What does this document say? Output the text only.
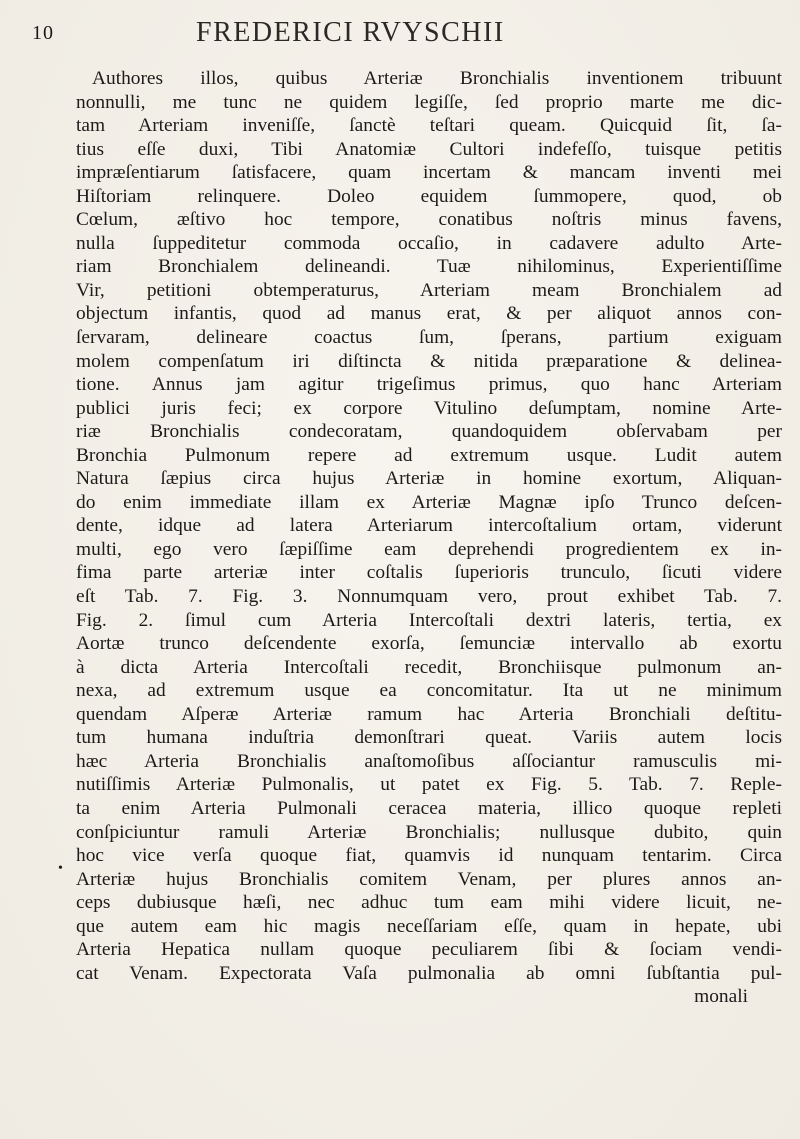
10	FREDERICI RVYSCHII
Authores illos, quibus Arteriæ Bronchialis inventionem tribuunt
nonnulli, me tunc ne quidem legiſſe, ſed proprio marte me dic-
tam Arteriam inveniſſe, ſanctè teſtari queam. Quicquid ſit, ſa-
tius eſſe duxi, Tibi Anatomiæ Cultori indefeſſo, tuisque petitis
impræſentiarum ſatisfacere, quam incertam & mancam inventi mei
Hiſtoriam relinquere. Doleo equidem ſummopere, quod, ob
Cœlum, æſtivo hoc tempore, conatibus noſtris minus favens,
nulla ſuppeditetur commoda occaſio, in cadavere adulto Arte-
riam Bronchialem delineandi. Tuæ nihilominus, Experientiſſime
Vir, petitioni obtemperaturus, Arteriam meam Bronchialem ad
objectum infantis, quod ad manus erat, & per aliquot annos con-
ſervaram, delineare coactus ſum, ſperans, partium exiguam
molem compenſatum iri diſtincta & nitida præparatione & delinea-
tione. Annus jam agitur trigeſimus primus, quo hanc Arteriam
publici juris feci; ex corpore Vitulino deſumptam, nomine Arte-
riæ Bronchialis condecoratam, quandoquidem obſervabam per
Bronchia Pulmonum repere ad extremum usque. Ludit autem
Natura ſæpius circa hujus Arteriæ in homine exortum, Aliquan-
do enim immediate illam ex Arteriæ Magnæ ipſo Trunco deſcen-
dente, idque ad latera Arteriarum intercoſtalium ortam, viderunt
multi, ego vero ſæpiſſime eam deprehendi progredientem ex in-
fima parte arteriæ inter coſtalis ſuperioris trunculo, ſicuti videre
eſt Tab. 7. Fig. 3. Nonnumquam vero, prout exhibet Tab. 7.
Fig. 2. ſimul cum Arteria Intercoſtali dextri lateris, tertia, ex
Aortæ trunco deſcendente exorſa, ſemunciæ intervallo ab exortu
à dicta Arteria Intercoſtali recedit, Bronchiisque pulmonum an-
nexa, ad extremum usque ea concomitatur. Ita ut ne minimum
quendam Aſperæ Arteriæ ramum hac Arteria Bronchiali deſtitu-
tum humana induſtria demonſtrari queat. Variis autem locis
hæc Arteria Bronchialis anaſtomoſibus aſſociantur ramusculis mi-
nutiſſimis Arteriæ Pulmonalis, ut patet ex Fig. 5. Tab. 7. Reple-
ta enim Arteria Pulmonali ceracea materia, illico quoque repleti
conſpiciuntur ramuli Arteriæ Bronchialis; nullusque dubito, quin
hoc vice verſa quoque fiat, quamvis id nunquam tentarim. Circa
Arteriæ hujus Bronchialis comitem Venam, per plures annos an-
ceps dubiusque hæſi, nec adhuc tum eam mihi videre licuit, ne-
que autem eam hic magis neceſſariam eſſe, quam in hepate, ubi
Arteria Hepatica nullam quoque peculiarem ſibi & ſociam vendi-
cat Venam. Expectorata Vaſa pulmonalia ab omni ſubſtantia pul-
monali
•
